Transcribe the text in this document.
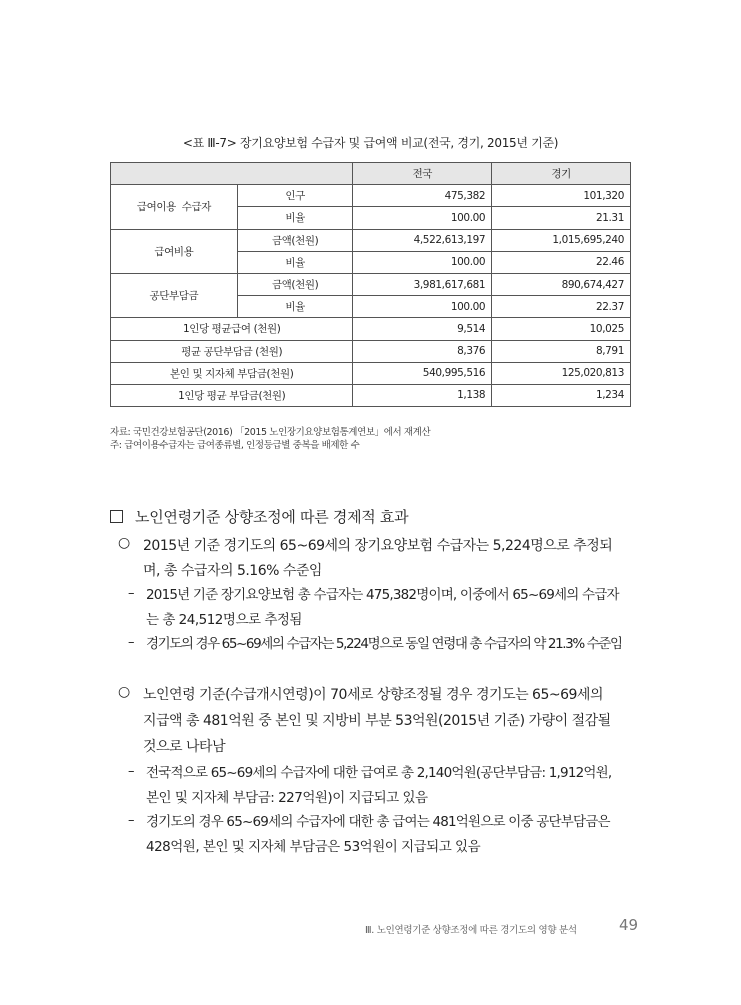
<표 Ⅲ-7> 장기요양보험 수급자 및 급여액 비교(전국, 경기, 2015년 기준)
		전국	경기
급여이용  수급자	인구	475,382	101,320
	비율	100.00	21.31
급여비용	금액(천원)	4,522,613,197	1,015,695,240
	비율	100.00	22.46
공단부담금	금액(천원)	3,981,617,681	890,674,427
	비율	100.00	22.37
1인당 평균급여 (천원)		9,514	10,025
평균 공단부담금 (천원)		8,376	8,791
본인 및 지자체 부담금(천원)		540,995,516	125,020,813
1인당 평균 부담금(천원)		1,138	1,234
자료: 국민건강보험공단(2016) 「2015 노인장기요양보험통계연보」에서 재계산
주: 급여이용수급자는 급여종류별, 인정등급별 중복을 배제한 수
노인연령기준 상향조정에 따른 경제적 효과
○ 2015년 기준 경기도의 65~69세의 장기요양보험 수급자는 5,224명으로 추정되
며, 총 수급자의 5.16% 수준임
– 2015년 기준 장기요양보험 총 수급자는 475,382명이며, 이중에서 65~69세의 수급자
는 총 24,512명으로 추정됨
– 경기도의 경우 65~69세의 수급자는 5,224명으로 동일 연령대 총 수급자의 약 21.3% 수준임
○ 노인연령 기준(수급개시연령)이 70세로 상향조정될 경우 경기도는 65~69세의
지급액 총 481억원 중 본인 및 지방비 부분 53억원(2015년 기준) 가량이 절감될
것으로 나타남
– 전국적으로 65~69세의 수급자에 대한 급여로 총 2,140억원(공단부담금: 1,912억원,
본인 및 지자체 부담금: 227억원)이 지급되고 있음
– 경기도의 경우 65~69세의 수급자에 대한 총 급여는 481억원으로 이중 공단부담금은
428억원, 본인 및 지자체 부담금은 53억원이 지급되고 있음
Ⅲ. 노인연령기준 상향조정에 따른 경기도의 영향 분석	49
